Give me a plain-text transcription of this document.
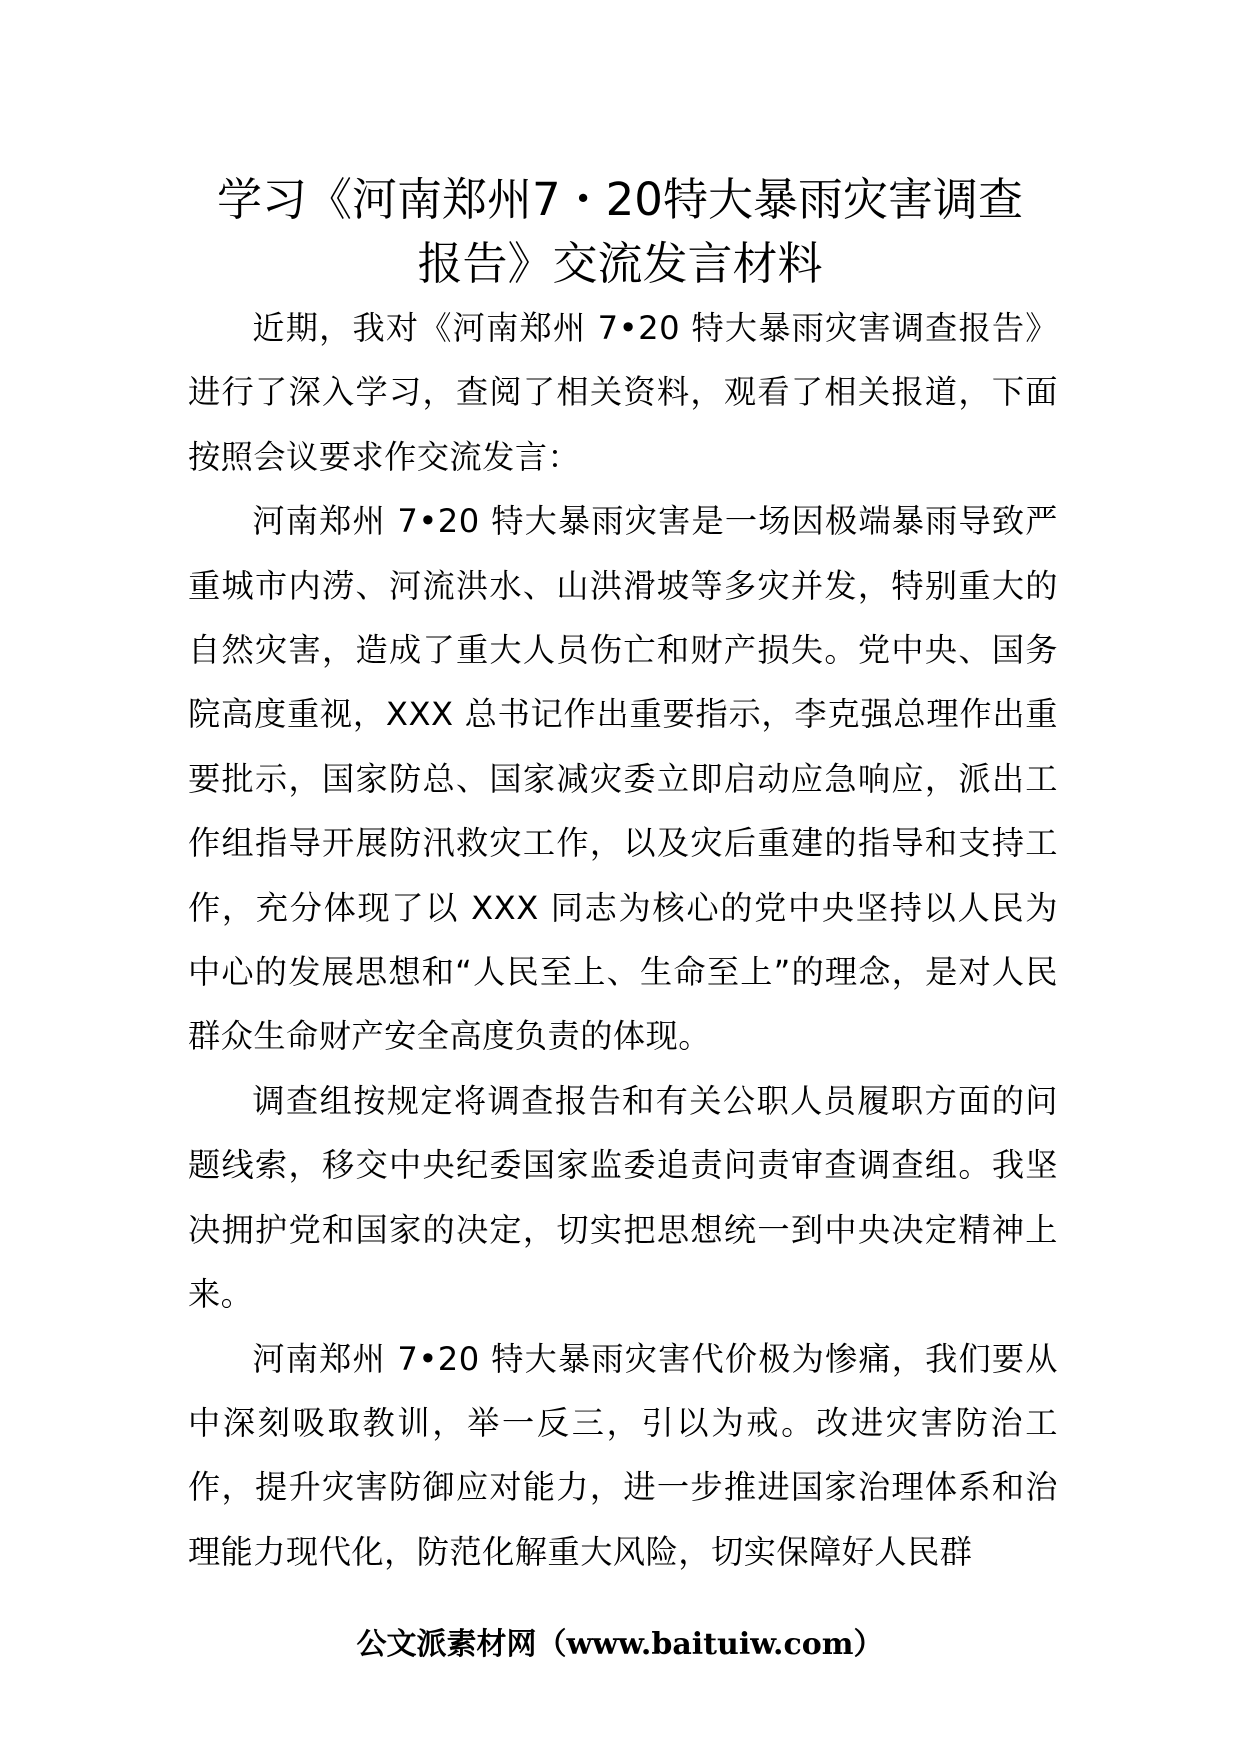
学习《河南郑州7・20特大暴雨灾害调查
报告》交流发言材料

近期，我对《河南郑州 7•20 特大暴雨灾害调查报告》进行了深入学习，查阅了相关资料，观看了相关报道，下面按照会议要求作交流发言：

河南郑州 7•20 特大暴雨灾害是一场因极端暴雨导致严重城市内涝、河流洪水、山洪滑坡等多灾并发，特别重大的自然灾害，造成了重大人员伤亡和财产损失。党中央、国务院高度重视，XXX 总书记作出重要指示，李克强总理作出重要批示，国家防总、国家减灾委立即启动应急响应，派出工作组指导开展防汛救灾工作，以及灾后重建的指导和支持工作，充分体现了以 XXX 同志为核心的党中央坚持以人民为中心的发展思想和“人民至上、生命至上”的理念，是对人民群众生命财产安全高度负责的体现。

调查组按规定将调查报告和有关公职人员履职方面的问题线索，移交中央纪委国家监委追责问责审查调查组。我坚决拥护党和国家的决定，切实把思想统一到中央决定精神上来。

河南郑州 7•20 特大暴雨灾害代价极为惨痛，我们要从中深刻吸取教训，举一反三，引以为戒。改进灾害防治工作，提升灾害防御应对能力，进一步推进国家治理体系和治理能力现代化，防范化解重大风险，切实保障好人民群

公文派素材网（www.baituiw.com）
